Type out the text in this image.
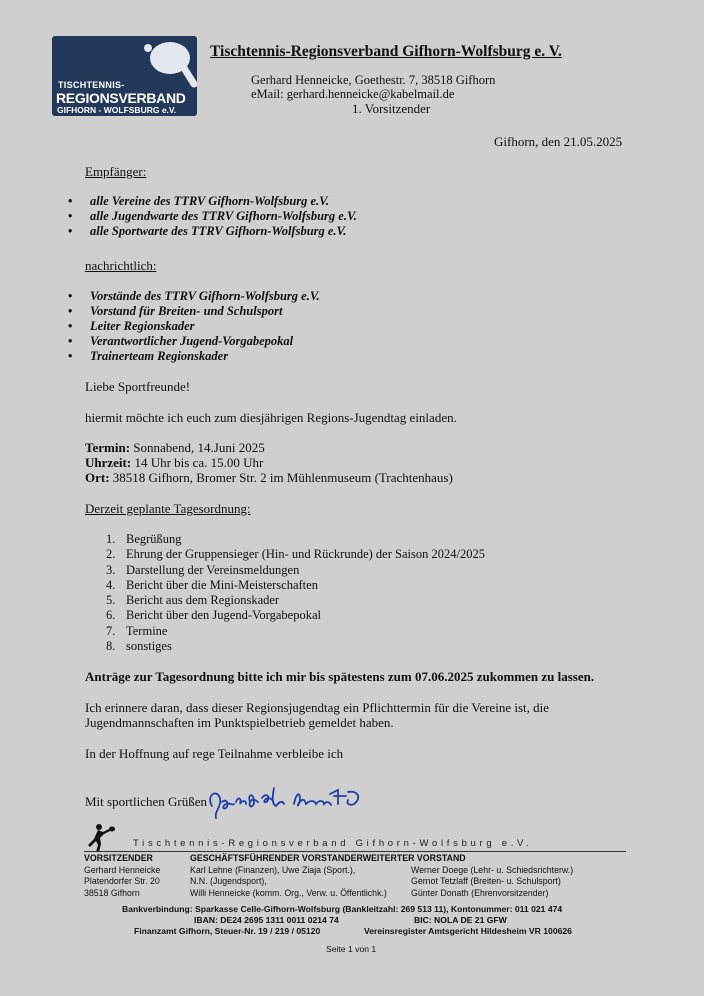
TISCHTENNIS-
REGIONSVERBAND
GIFHORN - WOLFSBURG e.V.
Tischtennis-Regionsverband Gifhorn-Wolfsburg e. V.
Gerhard Henneicke, Goethestr. 7, 38518 Gifhorn
eMail: gerhard.henneicke@kabelmail.de
1. Vorsitzender
Gifhorn, den 21.05.2025
Empfänger:
• alle Vereine des TTRV Gifhorn-Wolfsburg e.V.
• alle Jugendwarte des TTRV Gifhorn-Wolfsburg e.V.
• alle Sportwarte des TTRV Gifhorn-Wolfsburg e.V.
nachrichtlich:
• Vorstände des TTRV Gifhorn-Wolfsburg e.V.
• Vorstand für Breiten- und Schulsport
• Leiter Regionskader
• Verantwortlicher Jugend-Vorgabepokal
• Trainerteam Regionskader
Liebe Sportfreunde!
hiermit möchte ich euch zum diesjährigen Regions-Jugendtag einladen.
Termin: Sonnabend, 14.Juni 2025
Uhrzeit: 14 Uhr bis ca. 15.00 Uhr
Ort: 38518 Gifhorn, Bromer Str. 2 im Mühlenmuseum (Trachtenhaus)
Derzeit geplante Tagesordnung:
1. Begrüßung
2. Ehrung der Gruppensieger (Hin- und Rückrunde) der Saison 2024/2025
3. Darstellung der Vereinsmeldungen
4. Bericht über die Mini-Meisterschaften
5. Bericht aus dem Regionskader
6. Bericht über den Jugend-Vorgabepokal
7. Termine
8. sonstiges
Anträge zur Tagesordnung bitte ich mir bis spätestens zum 07.06.2025 zukommen zu lassen.
Ich erinnere daran, dass dieser Regionsjugendtag ein Pflichttermin für die Vereine ist, die
Jugendmannschaften im Punktspielbetrieb gemeldet haben.
In der Hoffnung auf rege Teilnahme verbleibe ich
Mit sportlichen Grüßen
Tischtennis-Regionsverband Gifhorn-Wolfsburg e.V.
VORSITZENDER
Gerhard Henneicke
Platendorfer Str. 20
38518 Gifhorn
GESCHÄFTSFÜHRENDER VORSTANDERWEITERTER VORSTAND
Karl Lehne (Finanzen), Uwe Ziaja (Sport.),
N.N. (Jugendsport),
Willi Henneicke (komm. Org., Verw. u. Öffentlichk.)
Werner Doege (Lehr- u. Schiedsrichterw.)
Gernot Tetzlaff (Breiten- u. Schulsport)
Günter Donath (Ehrenvorsitzender)
Bankverbindung: Sparkasse Celle-Gifhorn-Wolfsburg (Bankleitzahl: 269 513 11), Kontonummer: 011 021 474
IBAN: DE24 2695 1311 0011 0214 74	BIC: NOLA DE 21 GFW
Finanzamt Gifhorn, Steuer-Nr. 19 / 219 / 05120	Vereinsregister Amtsgericht Hildesheim VR 100626
Seite 1 von 1
